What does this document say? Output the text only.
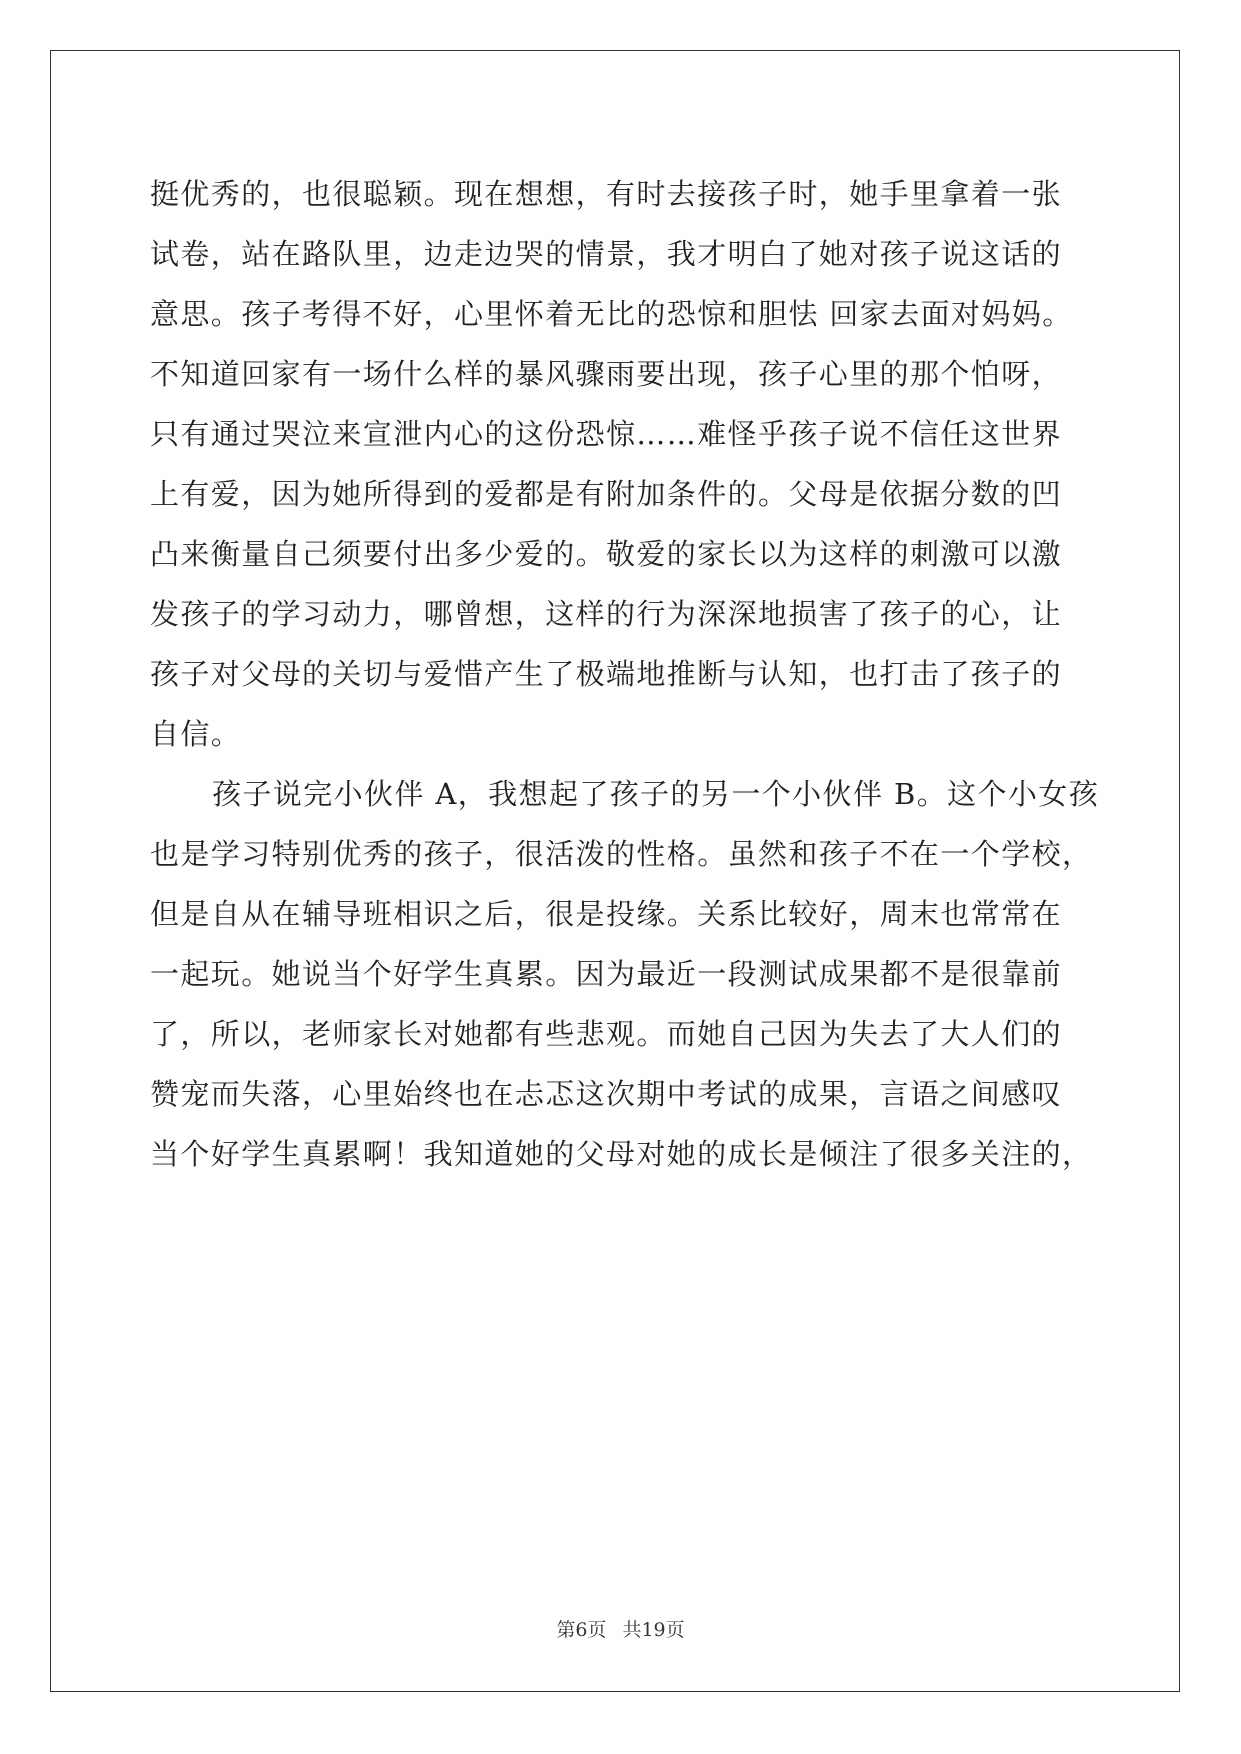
挺优秀的，也很聪颖。现在想想，有时去接孩子时，她手里拿着一张
试卷，站在路队里，边走边哭的情景，我才明白了她对孩子说这话的
意思。孩子考得不好，心里怀着无比的恐惊和胆怯 回家去面对妈妈。
不知道回家有一场什么样的暴风骤雨要出现，孩子心里的那个怕呀，
只有通过哭泣来宣泄内心的这份恐惊……难怪乎孩子说不信任这世界
上有爱，因为她所得到的爱都是有附加条件的。父母是依据分数的凹
凸来衡量自己须要付出多少爱的。敬爱的家长以为这样的刺激可以激
发孩子的学习动力，哪曾想，这样的行为深深地损害了孩子的心，让
孩子对父母的关切与爱惜产生了极端地推断与认知，也打击了孩子的
自信。
孩子说完小伙伴 A，我想起了孩子的另一个小伙伴 B。这个小女孩
也是学习特别优秀的孩子，很活泼的性格。虽然和孩子不在一个学校，
但是自从在辅导班相识之后，很是投缘。关系比较好，周末也常常在
一起玩。她说当个好学生真累。因为最近一段测试成果都不是很靠前
了，所以，老师家长对她都有些悲观。而她自己因为失去了大人们的
赞宠而失落，心里始终也在忐忑这次期中考试的成果，言语之间感叹
当个好学生真累啊！我知道她的父母对她的成长是倾注了很多关注的，
第6页 共19页
